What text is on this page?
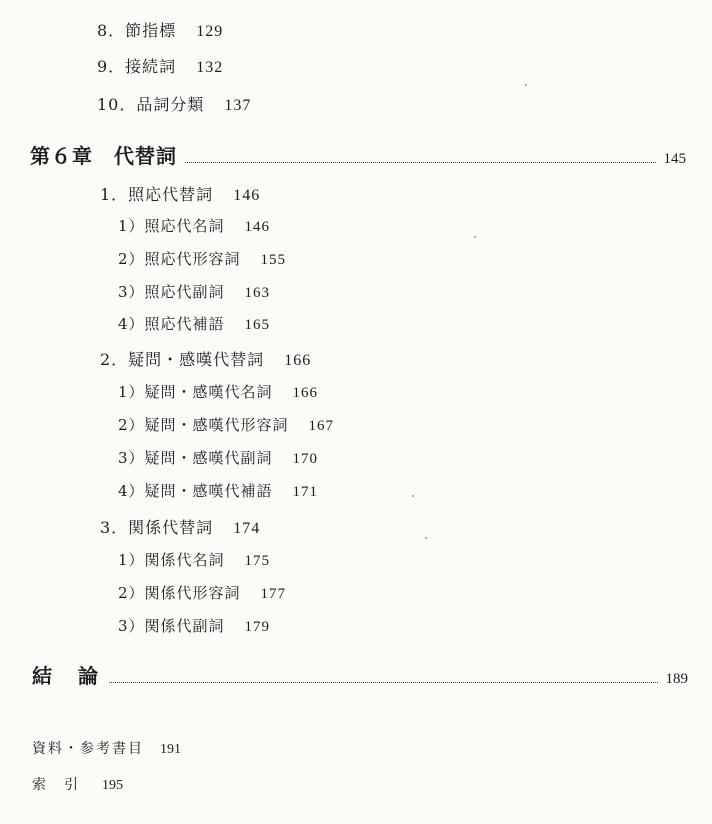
8．節指標 129
9．接続詞 132
10．品詞分類 137
第６章　代替詞	145
1．照応代替詞 146
1）照応代名詞 146
2）照応代形容詞 155
3）照応代副詞 163
4）照応代補語 165
2．疑問・感嘆代替詞 166
1）疑問・感嘆代名詞 166
2）疑問・感嘆代形容詞 167
3）疑問・感嘆代副詞 170
4）疑問・感嘆代補語 171
3．関係代替詞 174
1）関係代名詞 175
2）関係代形容詞 177
3）関係代副詞 179
結　論	189
資料・参考書目 191
索　引 195
